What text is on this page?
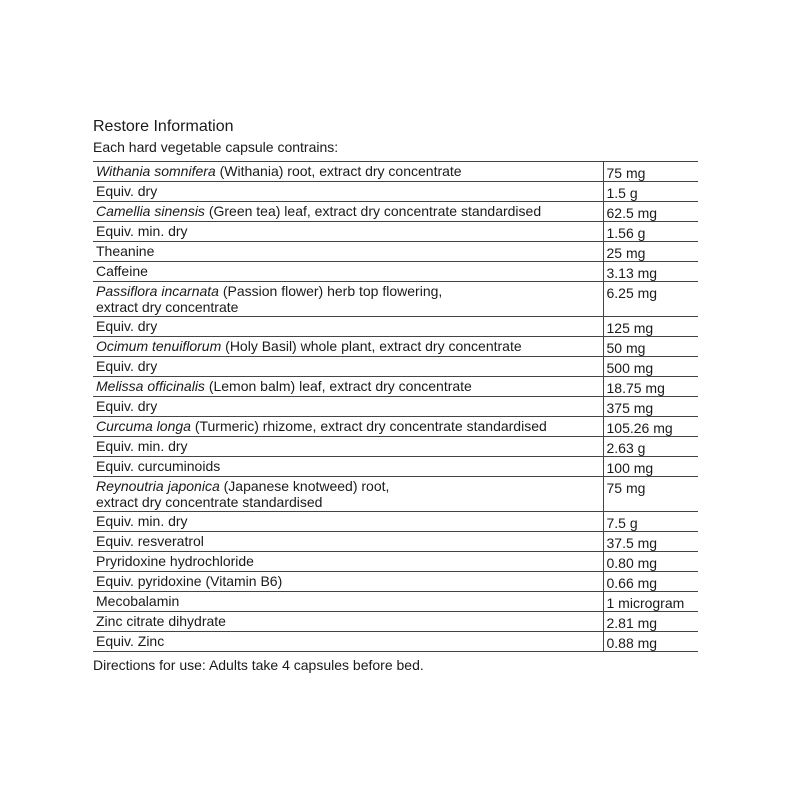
Restore Information

Each hard vegetable capsule contrains:

Withania somnifera (Withania) root, extract dry concentrate	75 mg
Equiv. dry	1.5 g
Camellia sinensis (Green tea) leaf, extract dry concentrate standardised	62.5 mg
Equiv. min. dry	1.56 g
Theanine	25 mg
Caffeine	3.13 mg
Passiflora incarnata (Passion flower) herb top flowering,
extract dry concentrate	6.25 mg
Equiv. dry	125 mg
Ocimum tenuiflorum (Holy Basil) whole plant, extract dry concentrate	50 mg
Equiv. dry	500 mg
Melissa officinalis (Lemon balm) leaf, extract dry concentrate	18.75 mg
Equiv. dry	375 mg
Curcuma longa (Turmeric) rhizome, extract dry concentrate standardised	105.26 mg
Equiv. min. dry	2.63 g
Equiv. curcuminoids	100 mg
Reynoutria japonica (Japanese knotweed) root,
extract dry concentrate standardised	75 mg
Equiv. min. dry	7.5 g
Equiv. resveratrol	37.5 mg
Pryridoxine hydrochloride	0.80 mg
Equiv. pyridoxine (Vitamin B6)	0.66 mg
Mecobalamin	1 microgram
Zinc citrate dihydrate	2.81 mg
Equiv. Zinc	0.88 mg

Directions for use: Adults take 4 capsules before bed.
